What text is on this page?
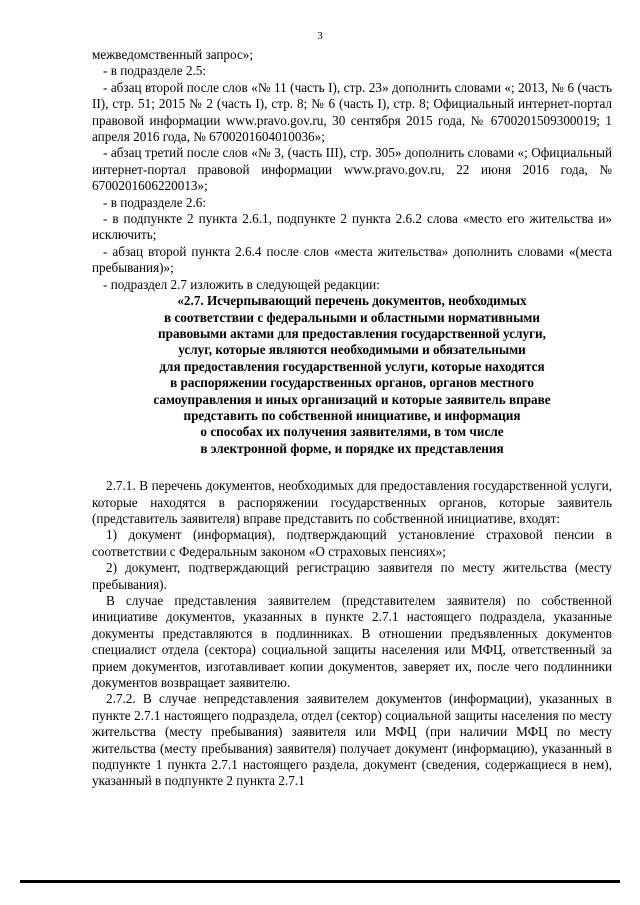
3

межведомственный запрос»;

- в подразделе 2.5:

- абзац второй после слов «№ 11 (часть I), стр. 23» дополнить словами «; 2013, № 6 (часть II), стр. 51; 2015 № 2 (часть I), стр. 8; № 6 (часть I), стр. 8; Официальный интернет-портал правовой информации www.pravo.gov.ru, 30 сентября 2015 года, № 6700201509300019; 1 апреля 2016 года, № 6700201604010036»;

- абзац третий после слов «№ 3, (часть III), стр. 305» дополнить словами «; Официальный интернет-портал правовой информации www.pravo.gov.ru, 22 июня 2016 года, № 6700201606220013»;

- в подразделе 2.6:

- в подпункте 2 пункта 2.6.1, подпункте 2 пункта 2.6.2 слова «место его жительства и» исключить;

- абзац второй пункта 2.6.4 после слов «места жительства» дополнить словами «(места пребывания)»;

- подраздел 2.7 изложить в следующей редакции:

«2.7. Исчерпывающий перечень документов, необходимых
в соответствии с федеральными и областными нормативными
правовыми актами для предоставления государственной услуги,
услуг, которые являются необходимыми и обязательными
для предоставления государственной услуги, которые находятся
в распоряжении государственных органов, органов местного
самоуправления и иных организаций и которые заявитель вправе
представить по собственной инициативе, и информация
о способах их получения заявителями, в том числе
в электронной форме, и порядке их представления

2.7.1. В перечень документов, необходимых для предоставления государственной услуги, которые находятся в распоряжении государственных органов, которые заявитель (представитель заявителя) вправе представить по собственной инициативе, входят:

1) документ (информация), подтверждающий установление страховой пенсии в соответствии с Федеральным законом «О страховых пенсиях»;

2) документ, подтверждающий регистрацию заявителя по месту жительства (месту пребывания).

В случае представления заявителем (представителем заявителя) по собственной инициативе документов, указанных в пункте 2.7.1 настоящего подраздела, указанные документы представляются в подлинниках. В отношении предъявленных документов специалист отдела (сектора) социальной защиты населения или МФЦ, ответственный за прием документов, изготавливает копии документов, заверяет их, после чего подлинники документов возвращает заявителю.

2.7.2. В случае непредставления заявителем документов (информации), указанных в пункте 2.7.1 настоящего подраздела, отдел (сектор) социальной защиты населения по месту жительства (месту пребывания) заявителя или МФЦ (при наличии МФЦ по месту жительства (месту пребывания) заявителя) получает документ (информацию), указанный в подпункте 1 пункта 2.7.1 настоящего раздела, документ (сведения, содержащиеся в нем), указанный в подпункте 2 пункта 2.7.1
